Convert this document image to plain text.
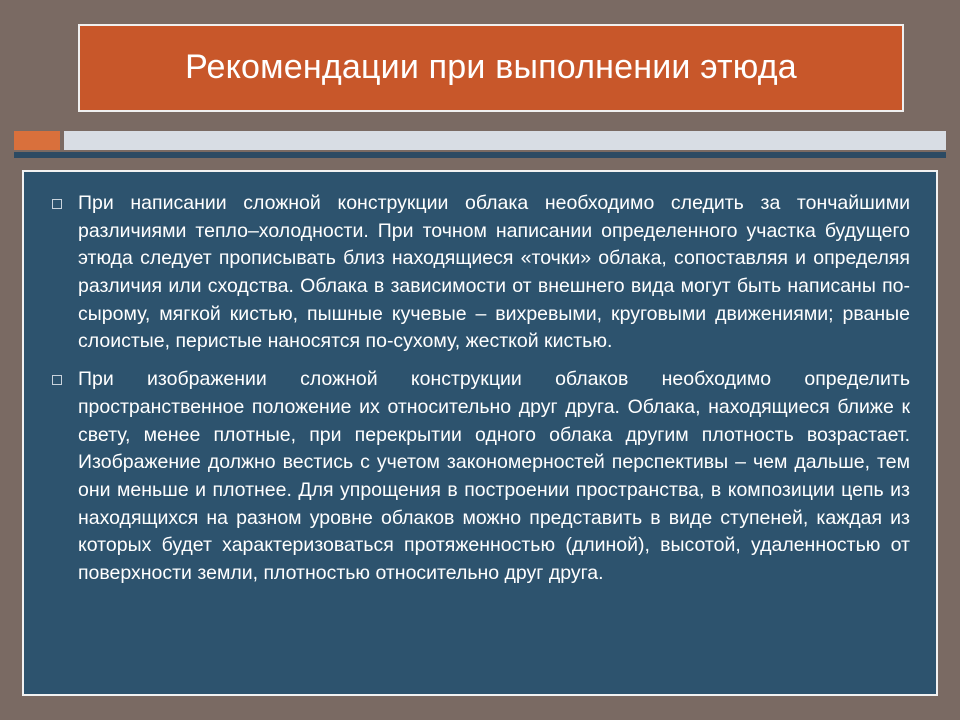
Рекомендации при выполнении этюда
При написании сложной конструкции облака необходимо следить за тончайшими различиями тепло–холодности. При точном написании определенного участка будущего этюда следует прописывать близ находящиеся «точки» облака, сопоставляя и определяя различия или сходства. Облака в зависимости от внешнего вида могут быть написаны по-сырому, мягкой кистью, пышные кучевые – вихревыми, круговыми движениями; рваные слоистые, перистые наносятся по-сухому, жесткой кистью.
При изображении сложной конструкции облаков необходимо определить пространственное положение их относительно друг друга. Облака, находящиеся ближе к свету, менее плотные, при перекрытии одного облака другим плотность возрастает. Изображение должно вестись с учетом закономерностей перспективы – чем дальше, тем они меньше и плотнее. Для упрощения в построении пространства, в композиции цепь из находящихся на разном уровне облаков можно представить в виде ступеней, каждая из которых будет характеризоваться протяженностью (длиной), высотой, удаленностью от поверхности земли, плотностью относительно друг друга.
